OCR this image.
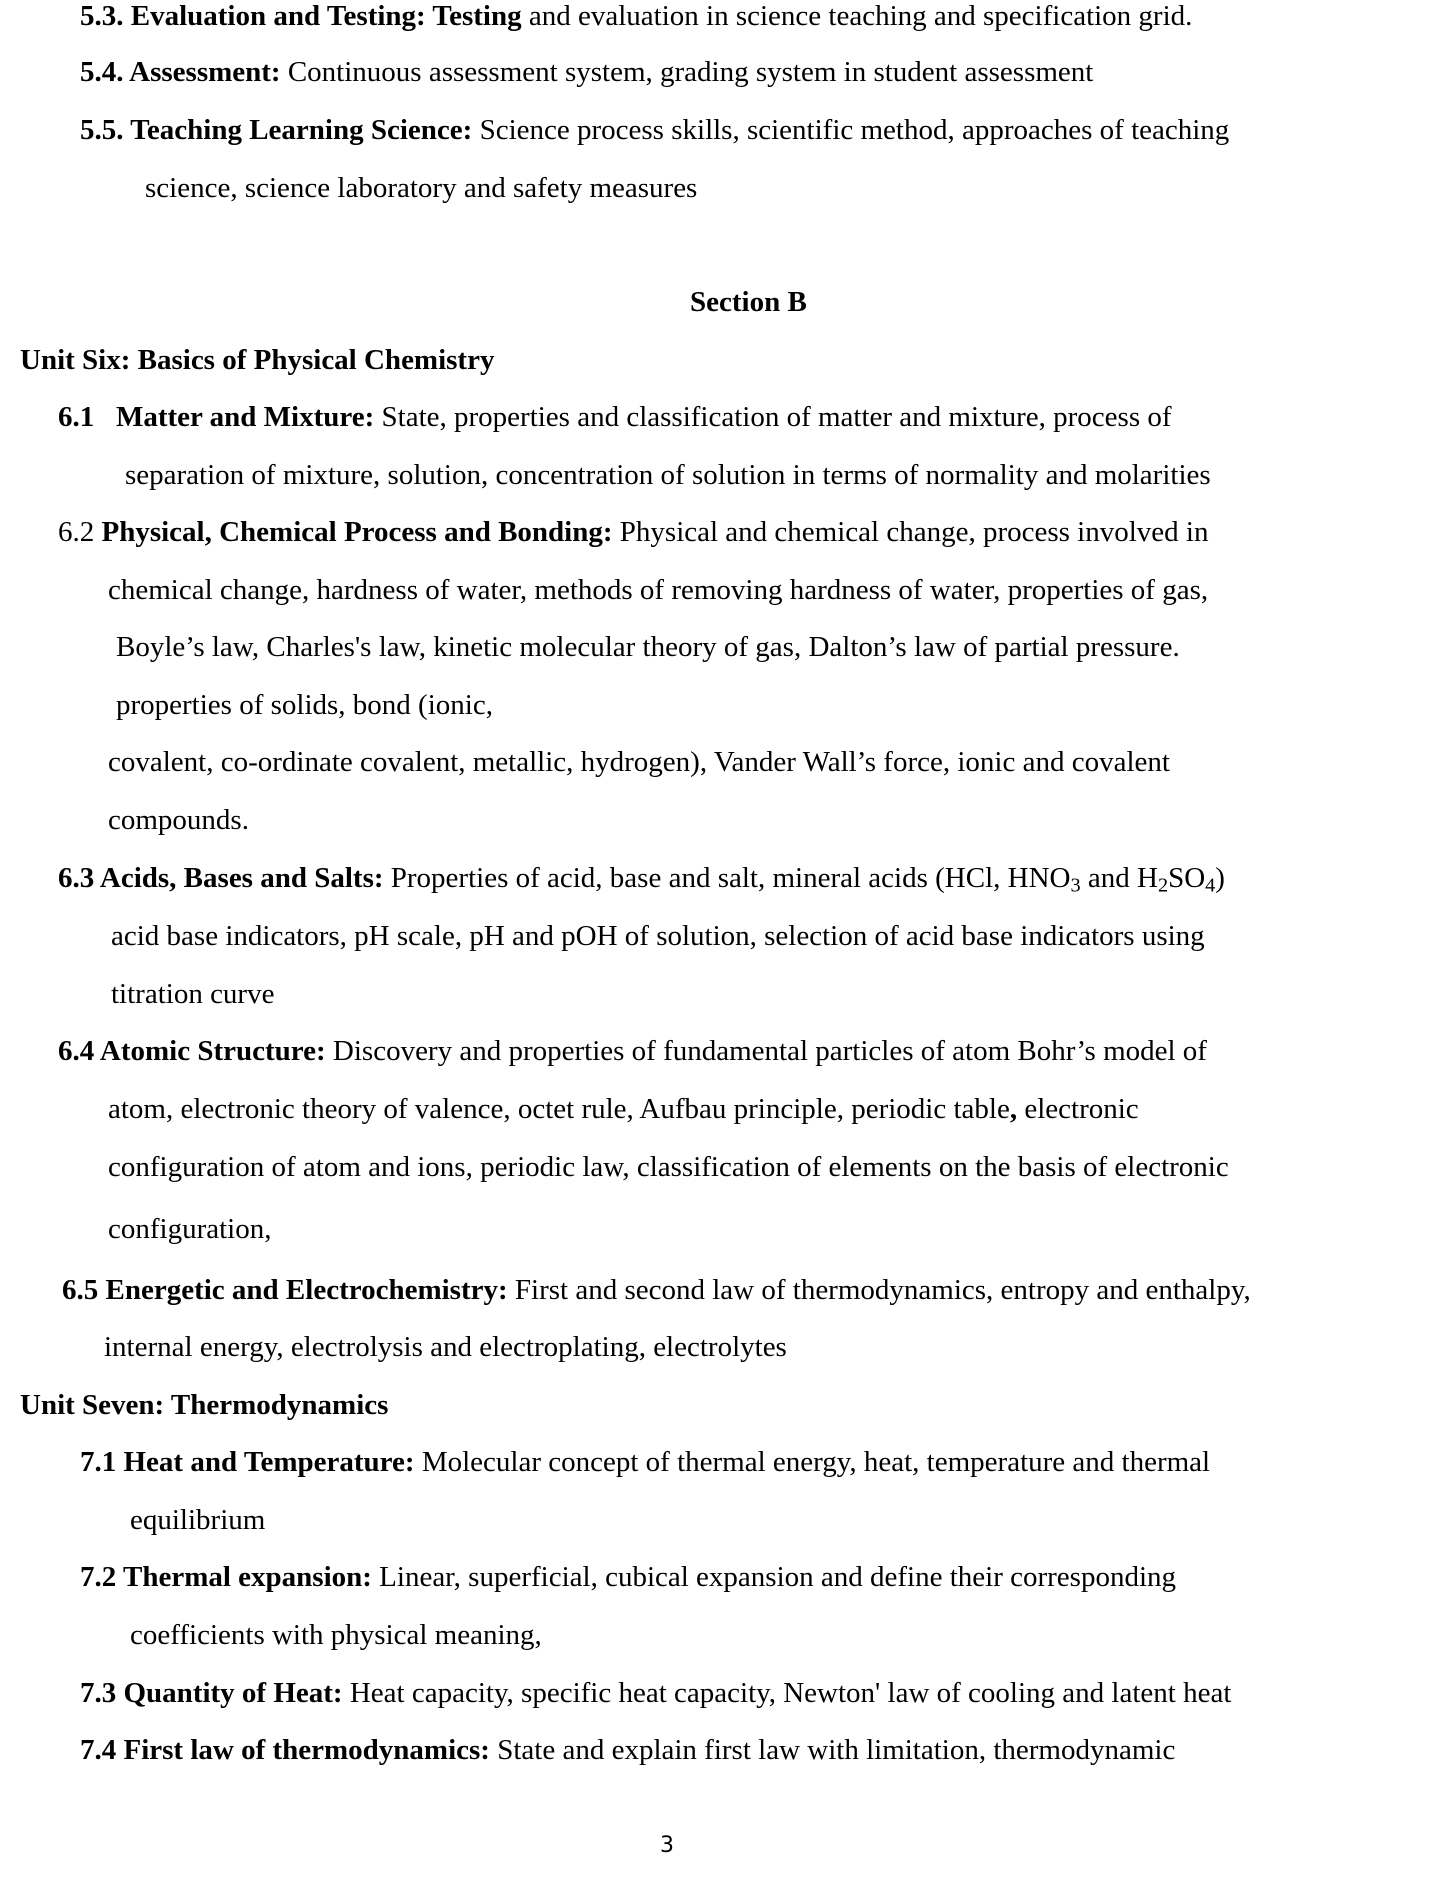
5.3. Evaluation and Testing: Testing and evaluation in science teaching and specification grid.

5.4. Assessment: Continuous assessment system, grading system in student assessment

5.5. Teaching Learning Science: Science process skills, scientific method, approaches of teaching

science, science laboratory and safety measures

Section B

Unit Six: Basics of Physical Chemistry

6.1   Matter and Mixture: State, properties and classification of matter and mixture, process of

separation of mixture, solution, concentration of solution in terms of normality and molarities

6.2 Physical, Chemical Process and Bonding: Physical and chemical change, process involved in

chemical change, hardness of water, methods of removing hardness of water, properties of gas,

Boyle’s law, Charles's law, kinetic molecular theory of gas, Dalton’s law of partial pressure.

properties of solids, bond (ionic,

covalent, co-ordinate covalent, metallic, hydrogen), Vander Wall’s force, ionic and covalent

compounds.

6.3 Acids, Bases and Salts: Properties of acid, base and salt, mineral acids (HCl, $HNO_3$ and $H_2SO_4$)

acid base indicators, pH scale, pH and pOH of solution, selection of acid base indicators using

titration curve

6.4 Atomic Structure: Discovery and properties of fundamental particles of atom Bohr’s model of

atom, electronic theory of valence, octet rule, Aufbau principle, periodic table, electronic

configuration of atom and ions, periodic law, classification of elements on the basis of electronic

configuration,

6.5 Energetic and Electrochemistry: First and second law of thermodynamics, entropy and enthalpy,

internal energy, electrolysis and electroplating, electrolytes

Unit Seven: Thermodynamics

7.1 Heat and Temperature: Molecular concept of thermal energy, heat, temperature and thermal

equilibrium

7.2 Thermal expansion: Linear, superficial, cubical expansion and define their corresponding

coefficients with physical meaning,

7.3 Quantity of Heat: Heat capacity, specific heat capacity, Newton' law of cooling and latent heat

7.4 First law of thermodynamics: State and explain first law with limitation, thermodynamic

3
